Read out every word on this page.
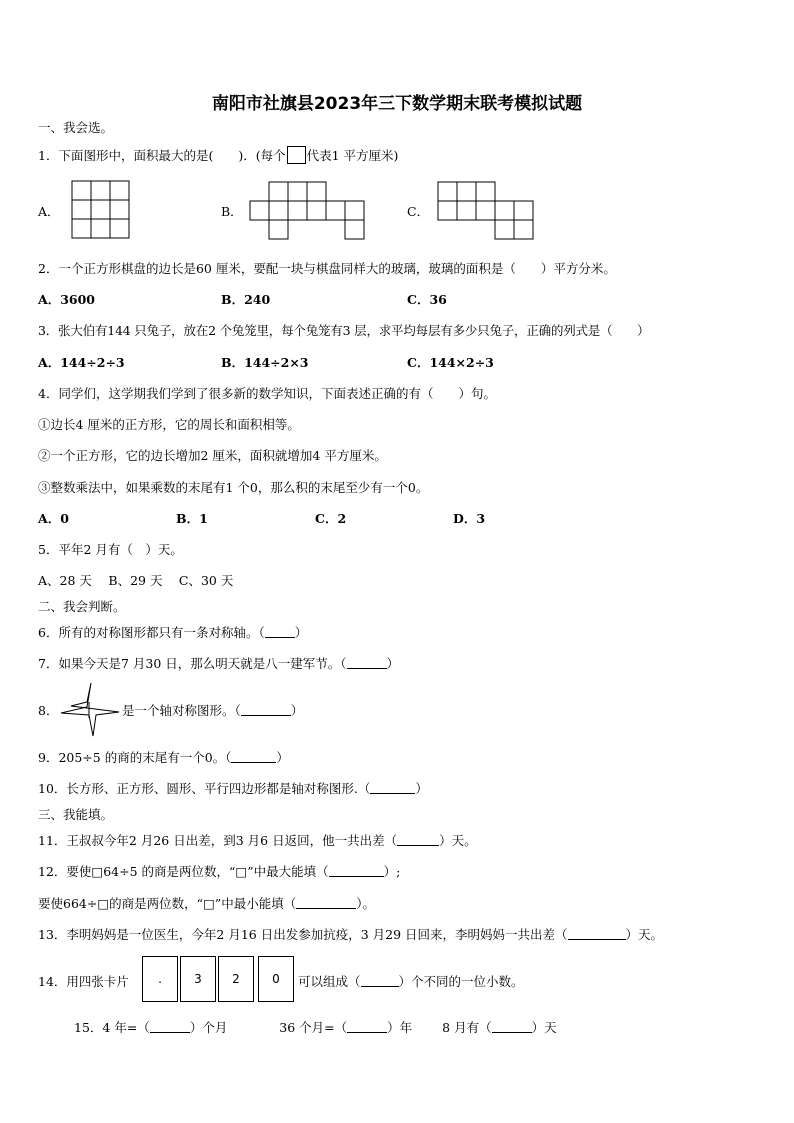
南阳市社旗县2023年三下数学期末联考模拟试题
一、我会选。
1．下面图形中，面积最大的是(　　)．(每个 代表1 平方厘米)
A．	B．	C．
2．一个正方形棋盘的边长是60 厘米，要配一块与棋盘同样大的玻璃，玻璃的面积是（　　）平方分米。
A．3600	B．240	C．36
3．张大伯有144 只兔子，放在2 个兔笼里，每个兔笼有3 层，求平均每层有多少只兔子，正确的列式是（　　）
A．144÷2÷3	B．144÷2×3	C．144×2÷3
4．同学们，这学期我们学到了很多新的数学知识，下面表述正确的有（　　）句。
①边长4 厘米的正方形，它的周长和面积相等。
②一个正方形，它的边长增加2 厘米，面积就增加4 平方厘米。
③整数乘法中，如果乘数的末尾有1 个0，那么积的末尾至少有一个0。
A．0	B．1	C．2	D．3
5．平年2 月有（　）天。
A、28 天　 B、29 天　 C、30 天
二、我会判断。
6．所有的对称图形都只有一条对称轴。（ ）
7．如果今天是7 月30 日，那么明天就是八一建军节。（	）
8．	是一个轴对称图形。（	）
9．205÷5 的商的末尾有一个0。（	）
10．长方形、正方形、圆形、平行四边形都是轴对称图形.（	）
三、我能填。
11．王叔叔今年2 月26 日出差，到3 月6 日返回，他一共出差（	）天。
12．要使□64÷5 的商是两位数，“□”中最大能填（	）;
要使664÷□的商是两位数，“□”中最小能填（	）。
13．李明妈妈是一位医生，今年2 月16 日出发参加抗疫，3 月29 日回来，李明妈妈一共出差（	）天。
14．用四张卡片	.	3	2	0	可以组成（	）个不同的一位小数。
15．4 年=（	）个月	36 个月=（	）年 8 月有（	）天
